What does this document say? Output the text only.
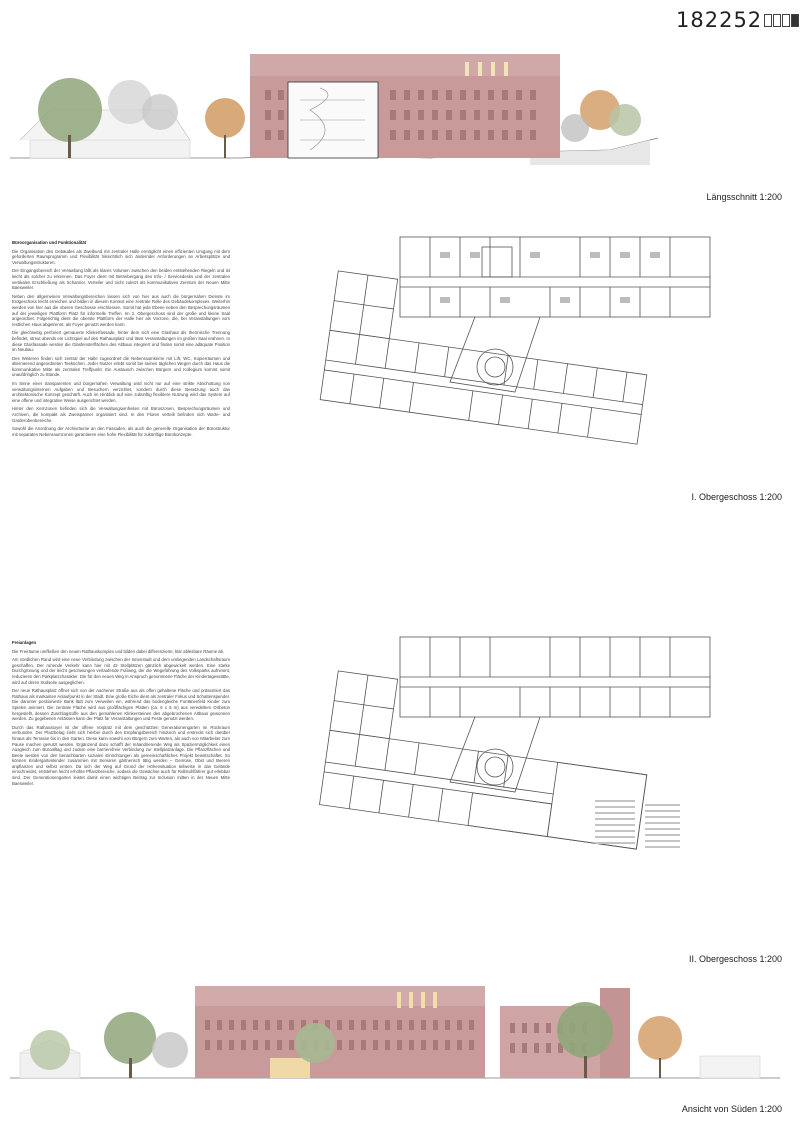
182252
Längsschnitt 1:200

Büroorganisation und Funktionalität

Die Organisation des Gebäudes als Zweibund mit zentraler Halle ermöglicht einen effizienten Umgang mit dem geforderten Raumprogramm und Flexibilität hinsichtlich sich ändernder Anforderungen an Arbeitsplätze und Verwaltungsstrukturen.

Der Eingangsbereich der Verwaltung läßt als klares Volumen zwischen den beiden entstehenden Riegeln und ist leicht als solcher zu erkennen. Das Foyer dient mit Betreibergang des Info- / Servicedesks und der zentralen vertikalen Erschließung als Scharnier. Verteiler und nicht zuletzt als kommunikatives Zentrum der Neuen Mitte Baesweiler.

Neben den allgemeinen Verwaltungsbereichen lassen sich von hier aus auch die bürgernahen Dienste im Erdgeschoss leicht erreichen und bilden in diesem Kontext eine zentrale Rolle des Gebäudekomplexes. Weiterhin werden von hier aus die oberen Geschosse erschlossen. Somit hat jede Ebene neben den Besprechungsräumen auf der jeweiligen Plattform Platz für informelle Treffen. Im 2. Obergeschoss sind der große und kleine Saal angeordnet. Folgerichtig dient die oberste Plattform der Halle hier als Vorzone, die, bei Veranstaltungen vom restlichen Haus abgetrennt, als Foyer genutzt werden kann.

Die gleichseitig perforiert gemauerte Klinkerfassade, hinter dem sich eine Glashaut als thermische Trennung befindet, streut abends ein Lichtspiel auf den Rathausplatz und lässt Veranstaltungen im großen Saal erahnen. In diese Glasfassade werden die Glasfensterflächen des Altbaus integriert und finden somit eine adäquate Position im Neubau.

Des Weiteren finden sich zentral der Halle zugeordnet die Nebenraumkerne mit Lift, WC, Kopierräumen und alternierend angeordneten Teeküchen. Jeder Nutzer erlebt somit bei seinen täglichen Wegen durch das Haus die kommunikative Mitte als zentralen Treffpunkt. Ein Austausch zwischen Bürgern und Kollegium kommt somit unaufdringlich zu Stande.

Im Sinne einer transparenten und bürgernahen Verwaltung wird nicht nur auf eine strikte Abschottung von verwaltungsinternen Aufgaben und Besuchern verzichtet, sondern durch diese Besetzung auch das architektonische Konzept geschärft. Auch im Hinblick auf eine zukünftig flexiblere Nutzung wird das System auf eine offene und integrative Weise ausgerichtet werden.

Hinter den Kernzonen befinden sich die Verwaltungseinheiten mit Büroszonen, Besprechungsräumen und Archiven, die kompakt als Zweispänner organisiert sind. In den Fluren verteilt befinden sich Warte- und Garderobenbereiche.

Sowohl die Anordnung der Archivräume an den Fassaden, als auch die generelle Organisation der Bürostruktur mit separaten Nebenraumzonen garantieren eine hohe Flexibilität für zukünftige Bürokonzepte.

I. Obergeschoss 1:200

Freianlagen

Die Freiräume umfließen den neuen Rathauskomplex und bilden dabei differenzierte, klar ablesbare Räume ab.

Am nördlichen Rand wird eine neue Verbindung zwischen der Innenstadt und dem umliegenden Landschaftsraum geschaffen. Der ruhende Verkehr kann hier mit 42 Stellplätzen gänzlich abgewickelt werden. Eine starke Durchgrünung und der leicht geschwungen verlaufende Fußweg, der die Wegeführung des Volksparks aufnimmt, reduzieren den Parkplatzcharakter. Die für den neuen Weg in Anspruch genommene Fläche der Kindertagesstätte, wird auf deren Südseite ausgeglichen.

Der neue Rathausplatz öffnet sich von der Aachener Straße aus als offen gehaltene Fläche und präsentiert das Rathaus als markanten Anlaufpunkt in der Stadt. Eine große Eiche dient als zentraler Fokus und Schattenspender. Die darunter positionierte Bank lädt zum Verweilen ein, während das bodengleiche Fontänenfeld Kinder zum Spielen animiert. Die zentrale Fläche wird aus großflächigen Platten (ca. 6 x 6 m) aus veredeltem Ortbeton hergestellt, dessen Zuschlagstoffe aus den gemahlenen Klinkersteinen des abgebrochenen Altbaus gewonnen werden. Zu gegebenen Anlässen kann der Platz für Veranstaltungen und Feste genutzt werden.

Durch das Rathaustoyer ist der offene Vorplatz mit dem geschützten Generationengarten im Rückraum verbunden. Der Platzbelag zieht sich hierbei durch den Empfangsbereich hindurch und erstreckt sich darüber hinaus als Terrasse bis in den Garten. Diese kann sowohl von Bürgern zum Warten, als auch von Mitarbeiter zum Pause machen genutzt werden. Ergänzend dazu schafft der mäandrierende Weg als Spaziermöglichkeit einen Ausgleich zum Büroalltag und zudem eine barrierefreie Verbindung zur Stellplatzanlage. Die Pflanzflächen und Beete werden von den benachbarten sozialen Einrichtungen als gemeinschaftliches Projekt bewirtschaftet. So können Kindergartenkinder zusammen mit Senioren gärtnerisch tätig werden – Gemüse, Obst und Beeren anpflanzen und selbst ernten. Da sich der Weg auf Grund der Höhensituation teilweise in das Gelände einschneidet, entstehen leicht erhöhte Pflanzbereiche, sodass die Gewächse auch für Rollstuhlfahrer gut erlebbar sind. Der Generationengarten leistet damit einen wichtigen Beitrag zur Inclusion mitten in der Neuen Mitte Baesweiler.

II. Obergeschoss 1:200
Ansicht von Süden 1:200
